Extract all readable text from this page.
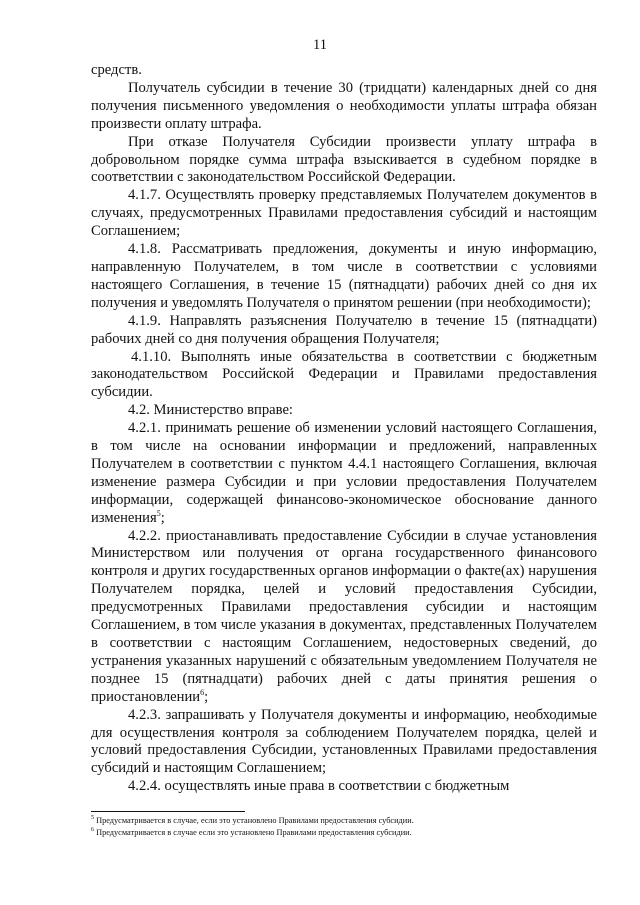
11

средств.

Получатель субсидии в течение 30 (тридцати) календарных дней со дня получения письменного уведомления о необходимости уплаты штрафа обязан произвести оплату штрафа.

При отказе Получателя Субсидии произвести уплату штрафа в добровольном порядке сумма штрафа взыскивается в судебном порядке в соответствии с законодательством Российской Федерации.

4.1.7. Осуществлять проверку представляемых Получателем документов в случаях, предусмотренных Правилами предоставления субсидий и настоящим Соглашением;

4.1.8. Рассматривать предложения, документы и иную информацию, направленную Получателем, в том числе в соответствии с условиями настоящего Соглашения, в течение 15 (пятнадцати) рабочих дней со дня их получения и уведомлять Получателя о принятом решении (при необходимости);

4.1.9. Направлять разъяснения Получателю в течение 15 (пятнадцати) рабочих дней со дня получения обращения Получателя;

4.1.10. Выполнять иные обязательства в соответствии с бюджетным законодательством Российской Федерации и Правилами предоставления субсидии.

4.2. Министерство вправе:

4.2.1. принимать решение об изменении условий настоящего Соглашения, в том числе на основании информации и предложений, направленных Получателем в соответствии с пунктом 4.4.1 настоящего Соглашения, включая изменение размера Субсидии и при условии предоставления Получателем информации, содержащей финансово-экономическое обоснование данного изменения$^5$;

4.2.2. приостанавливать предоставление Субсидии в случае установления Министерством или получения от органа государственного финансового контроля и других государственных органов информации о факте(ах) нарушения Получателем порядка, целей и условий предоставления Субсидии, предусмотренных Правилами предоставления субсидии и настоящим Соглашением, в том числе указания в документах, представленных Получателем в соответствии с настоящим Соглашением, недостоверных сведений, до устранения указанных нарушений с обязательным уведомлением Получателя не позднее 15 (пятнадцати) рабочих дней с даты принятия решения о приостановлении$^6$;

4.2.3. запрашивать у Получателя документы и информацию, необходимые для осуществления контроля за соблюдением Получателем порядка, целей и условий предоставления Субсидии, установленных Правилами предоставления субсидий и настоящим Соглашением;

4.2.4. осуществлять иные права в соответствии с бюджетным

$^5$ Предусматривается в случае, если это установлено Правилами предоставления субсидии.

$^6$ Предусматривается в случае если это установлено Правилами предоставления субсидии.
